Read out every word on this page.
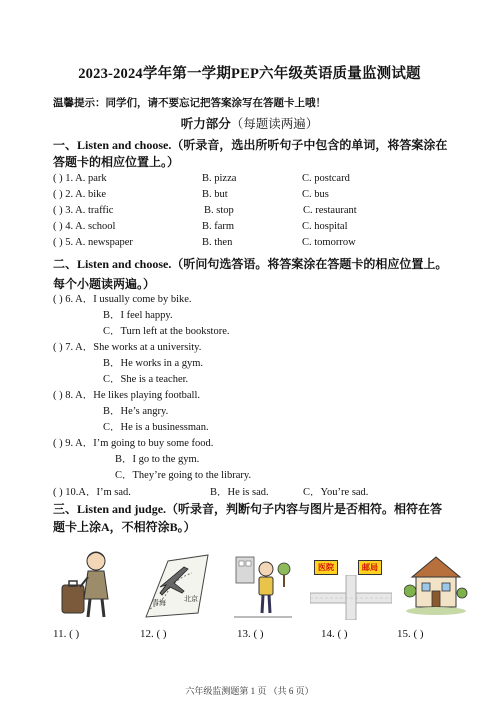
2023-2024学年第一学期PEP六年级英语质量监测试题
温馨提示：同学们，请不要忘记把答案涂写在答题卡上哦！
听力部分（每题读两遍）
一、Listen and choose.（听录音，选出所听句子中包含的单词，将答案涂在答题卡的相应位置上。）
( ) 1. A. park	B. pizza	C. postcard
( ) 2. A. bike	B. but	C. bus
( ) 3. A. traffic	B. stop	C. restaurant
( ) 4. A. school	B. farm	C. hospital
( ) 5. A. newspaper	B. then	C. tomorrow
二、Listen and choose.（听问句选答语。将答案涂在答题卡的相应位置上。每个小题读两遍。）
( ) 6. A．I usually come by bike.
B．I feel happy.
C．Turn left at the bookstore.
( ) 7. A．She works at a university.
B．He works in a gym.
C．She is a teacher.
( ) 8. A．He likes playing football.
B．He’s angry.
C．He is a businessman.
( ) 9. A．I’m going to buy some food.
B．I go to the gym.
C．They’re going to the library.
( ) 10.A．I’m sad.	B．He is sad.	C．You’re sad.
三、Listen and judge.（听录音，判断句子内容与图片是否相符。相符在答题卡上涂A，不相符涂B。）
青海	北京
医院	邮局
11. ( )	12. ( )	13. ( )	14. ( )	15. ( )
六年级监测题第 1 页 （共 6 页）
